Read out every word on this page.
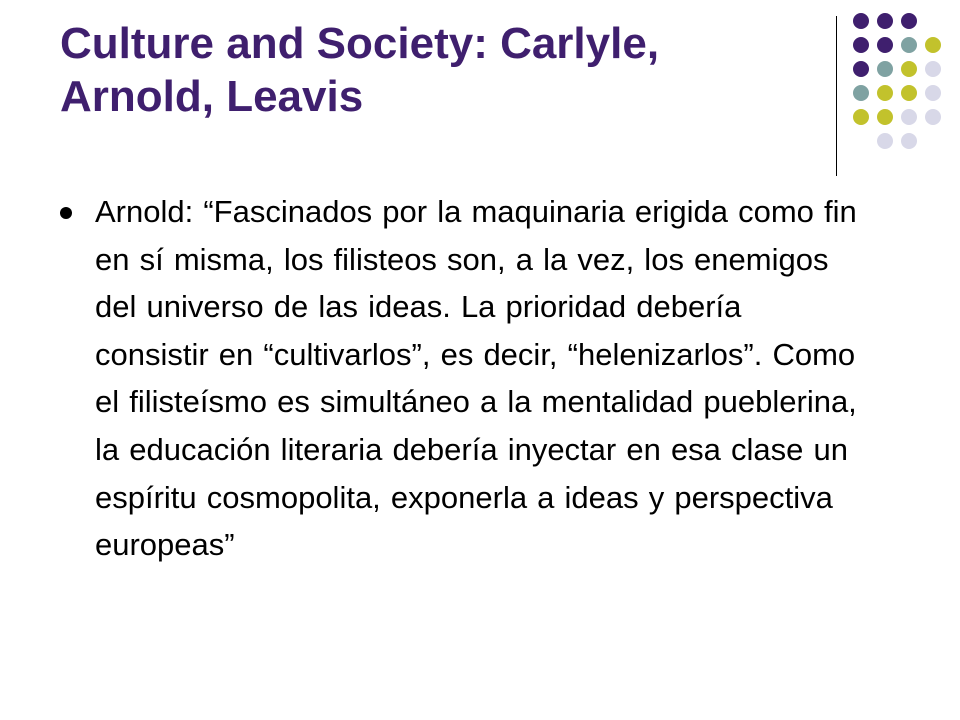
Culture and Society: Carlyle, Arnold, Leavis
Arnold: “Fascinados por la maquinaria erigida como fin en sí misma, los filisteos son, a la vez, los enemigos del universo de las ideas. La prioridad debería consistir en “cultivarlos”, es decir, “helenizarlos”. Como el filisteísmo es simultáneo a la mentalidad pueblerina, la educación literaria debería inyectar en esa clase un espíritu cosmopolita, exponerla a ideas y perspectiva europeas”
